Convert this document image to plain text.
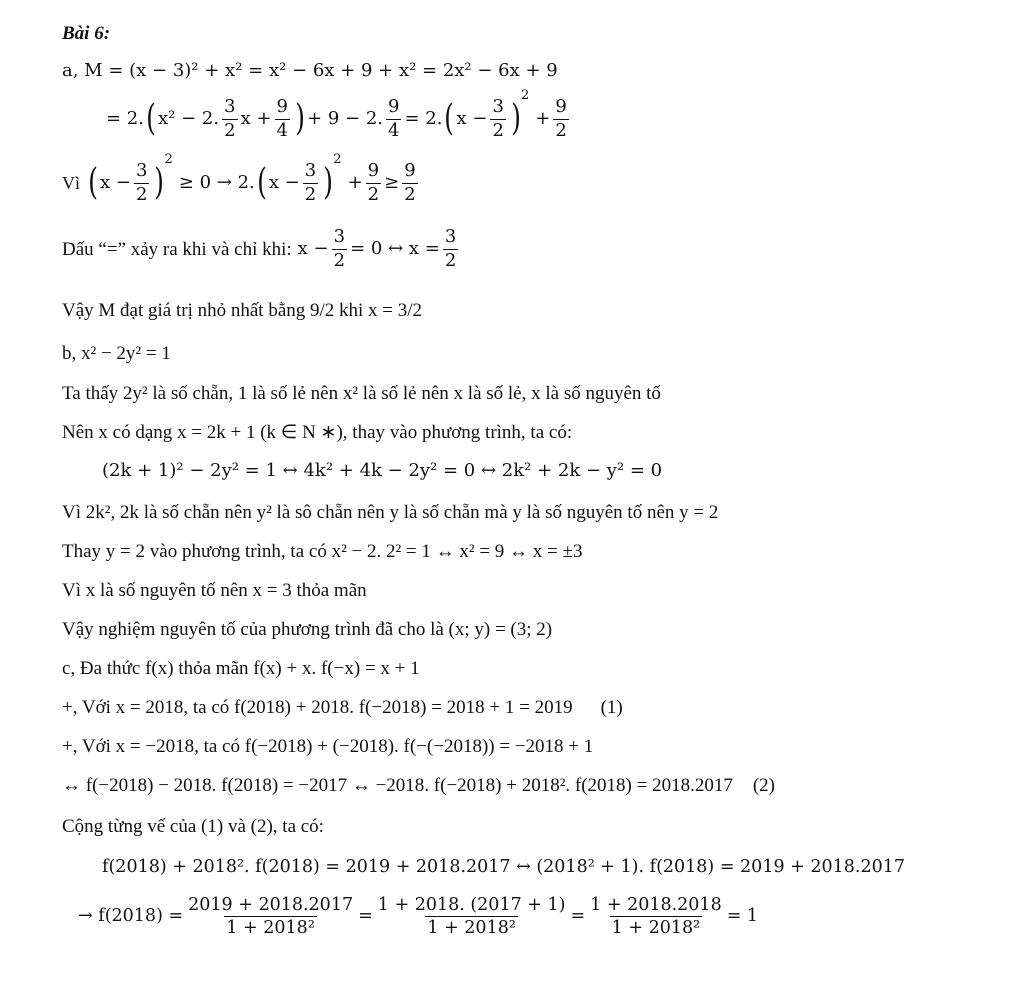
Bài 6:
a, M = (x − 3)² + x² = x² − 6x + 9 + x² = 2x² − 6x + 9
= 2. ( x² − 2. $\frac{3}{2}$ $x + \frac{9}{4}$ ) + 9 − 2. $\frac{9}{4} = 2$. ( $x - \frac{3}{2}$ )
2
+ $\frac{9}{2}$
Vì ( $x - \frac{3}{2}$ )
2
≥ 0 → 2. ( $x - \frac{3}{2}$ )
2
+ $\frac{9}{2} \ge \frac{9}{2}$
Dấu “=” xảy ra khi và chỉ khi: $x - \frac{3}{2} = 0$ ↔ $x = \frac{3}{2}$
Vậy M đạt giá trị nhỏ nhất bằng 9/2 khi x = 3/2
b, x² − 2y² = 1
Ta thấy 2y² là số chẵn, 1 là số lẻ nên x² là số lẻ nên x là số lẻ, x là số nguyên tố
Nên x có dạng x = 2k + 1 (k ∈ N ∗), thay vào phương trình, ta có:
(2k + 1)² − 2y² = 1 ↔ 4k² + 4k − 2y² = 0 ↔ 2k² + 2k − y² = 0
Vì 2k², 2k là số chẵn nên y² là sô chẵn nên y là số chẵn mà y là số nguyên tố nên y = 2
Thay y = 2 vào phương trình, ta có x² − 2. 2² = 1 ↔ x² = 9 ↔ x = ±3
Vì x là số nguyên tố nên x = 3 thỏa mãn
Vậy nghiệm nguyên tố của phương trình đã cho là (x; y) = (3; 2)
c, Đa thức f(x) thỏa mãn f(x) + x. f(−x) = x + 1
+, Với x = 2018, ta có f(2018) + 2018. f(−2018) = 2018 + 1 = 2019 (1)
+, Với x = −2018, ta có f(−2018) + (−2018). f(−(−2018)) = −2018 + 1
↔ f(−2018) − 2018. f(2018) = −2017 ↔ −2018. f(−2018) + 2018². f(2018) = 2018.2017 (2)
Cộng từng vế của (1) và (2), ta có:
f(2018) + 2018². f(2018) = 2019 + 2018.2017 ↔ (2018² + 1). f(2018) = 2019 + 2018.2017
→ $f(2018) = \frac{2019 + 2018.2017}{\text{1 + 2018²}} = \frac{1 + 2018. (2017 + 1)}{\text{1 + 2018²}} = \frac{1 + 2018.2018}{\text{1 + 2018²}} = 1$
